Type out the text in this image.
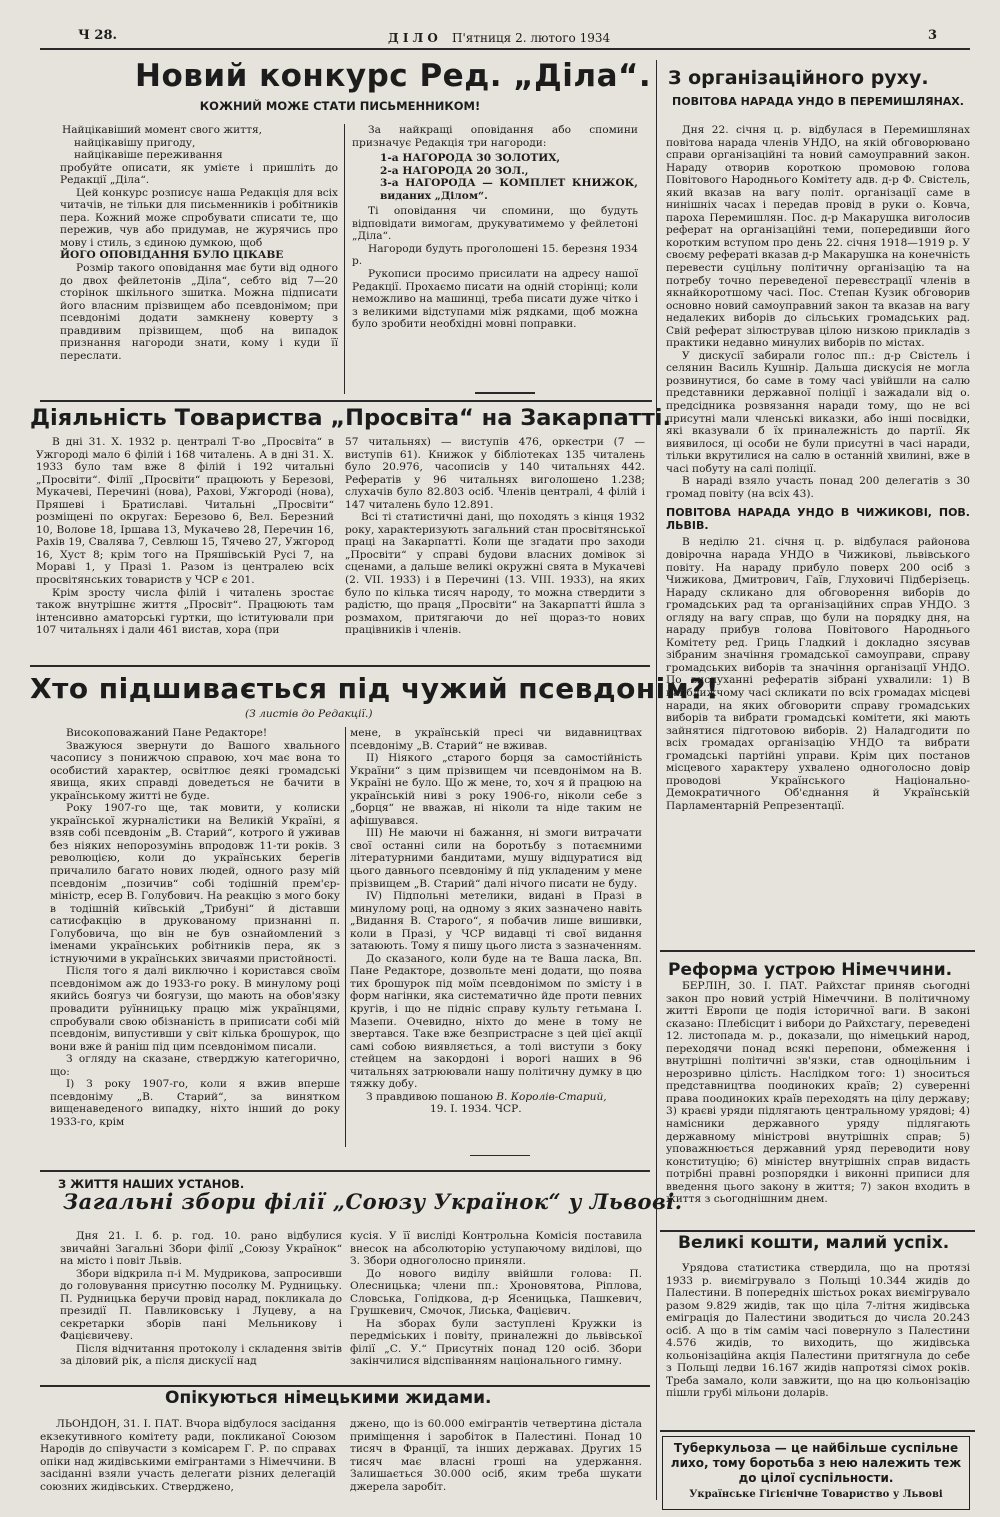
Ч 28.	Д І Л О П'ятниця 2. лютого 1934	3
Новий конкурс Ред. „Діла“.
КОЖНИЙ МОЖЕ СТАТИ ПИСЬМЕННИКОМ!

Найцікавіший момент свого життя,

найцікавішу пригоду,

найцікавіше переживання

пробуйте описати, як умієте і пришліть до Редакції „Діла“.

Цей конкурс розписує наша Редакція для всіх читачів, не тільки для письменників і робітників пера. Кожний може спробувати списати те, що пережив, чув або придумав, не журячись про мову і стиль, з єдиною думкою, щоб

ЙОГО ОПОВІДАННЯ БУЛО ЦІКАВЕ

Розмір такого оповідання має бути від одного до двох фейлетонів „Діла“, себто від 7—20 сторінок шкільного зшитка. Можна підписати його власним прізвищем або псевдонімом; при псевдонімі додати замкнену коверту з правдивим прізвищем, щоб на випадок признання нагороди знати, кому і куди її переслати.

За найкращі оповідання або спомини призначує Редакція три нагороди:

1-а НАГОРОДА 30 ЗОЛОТИХ,

2-а НАГОРОДА 20 ЗОЛ.,

3-а НАГОРОДА — КОМПЛЕТ КНИЖОК, виданих „Ділом“.

Ті оповідання чи спомини, що будуть відповідати вимогам, друкуватимемо у фейлетоні „Діла“.

Нагороди будуть проголошені 15. березня 1934 р.

Рукописи просимо присилати на адресу нашої Редакції. Прохаємо писати на одній сторінці; коли неможливо на машинці, треба писати дуже чітко і з великими відступами між рядками, щоб можна було зробити необхідні мовні поправки.

Діяльність Товариства „Просвіта“ на Закарпатті.

В дні 31. X. 1932 р. централі Т-во „Просвіта“ в Ужгороді мало 6 філій і 168 читалень. А в дні 31. X. 1933 було там вже 8 філій і 192 читальні „Просвіти“. Філії „Просвіти“ працюють у Березові, Мукачеві, Перечині (нова), Рахові, Ужгороді (нова), Пряшеві і Братиславі. Читальні „Просвіти“ розміщені по округах: Березово 6, Вел. Березний 10, Волове 18, Іршава 13, Мукачево 28, Перечин 16, Рахів 19, Свалява 7, Севлюш 15, Тячево 27, Ужгород 16, Хуст 8; крім того на Пряшівській Русі 7, на Мораві 1, у Празі 1. Разом із централею всіх просвітянських товариств у ЧСР є 201.

Крім зросту числа філій і читалень зростає також внутрішнє життя „Просвіт“. Працюють там інтенсивно аматорські гуртки, що іституювали при 107 читальнях і дали 461 вистав, хора (при

57 читальнях) — виступів 476, оркестри (7 — виступів 61). Книжок у бібліотеках 135 читалень було 20.976, часописів у 140 читальнях 442. Рефератів у 96 читальнях виголошено 1.238; слухачів було 82.803 осіб. Членів централі, 4 філій і 147 читалень було 12.891.

Всі ті статистичні дані, що походять з кінця 1932 року, характеризують загальний стан просвітянської праці на Закарпатті. Коли ще згадати про заходи „Просвіти“ у справі будови власних домівок зі сценами, а дальше великі окружні свята в Мукачеві (2. VII. 1933) і в Перечині (13. VIII. 1933), на яких було по кілька тисяч народу, то можна ствердити з радістю, що праця „Просвіти“ на Закарпатті йшла з розмахом, притягаючи до неї щораз-то нових працівників і членів.

Хто підшивається під чужий псевдонім?!
(З листів до Редакції.)

Високоповажаний Пане Редакторе!

Зважуюся звернути до Вашого хвального часопису з понижчою справою, хоч має вона то особистий характер, освітлює деякі громадські явища, яких справді доведеться не бачити в українському житті не буде.

Року 1907-го ще, так мовити, у колиски української журналістики на Великій Україні, я взяв собі псевдонім „В. Старий“, котрого й уживав без ніяких непорозумінь впродовж 11-ти років. З революцією, коли до українських берегів причалило багато нових людей, одного разу мій псевдонім „позичив“ собі тодішній прем'єр-міністр, есер В. Голубович. На реакцію з мого боку в тодішній київській „Трибуні“ й діставши сатисфакцію в друкованому признанні п. Голубовича, що він не був ознайомлений з іменами українських робітників пера, як з істнуючими в українських звичаями пристойності.

Після того я далі виключно і користався своїм псевдонімом аж до 1933-го року. В минулому році якийсь боягуз чи боягузи, що мають на обов'язку провадити руїнницьку працю між українцями, спробували свою обізнаність в приписати собі мій псевдонім, випустивши у світ кілька брошурок, що вони вже й раніш під цим псевдонімом писали.

З огляду на сказане, стверджую категорично, що:

I) З року 1907-го, коли я вжив вперше псевдоніму „В. Старий“, за винятком вищенаведеного випадку, ніхто інший до року 1933-го, крім

мене, в українській пресі чи видавництвах псевдоніму „В. Старий“ не вживав.

II) Ніякого „старого борця за самостійність України“ з цим прізвищем чи псевдонімом на В. Україні не було. Що ж мене, то, хоч я й працюю на українській ниві з року 1906-го, ніколи себе з „борця“ не вважав, ні ніколи та ніде таким не афішувався.

III) Не маючи ні бажання, ні змоги витрачати свої останні сили на боротьбу з потаємними літературними бандитами, мушу відцуратися від цього давнього псевдоніму й під укладеним у мене прізвищем „В. Старий“ далі нічого писати не буду.

IV) Підпольні метелики, видані в Празі в минулому році, на одному з яких зазначено навіть „Видання В. Старого“, я побачив лише вишивки, коли в Празі, у ЧСР видавці ті свої видання затаюють. Тому я пишу цього листа з зазначенням.

До сказаного, коли буде на те Ваша ласка, Вп. Пане Редакторе, дозвольте мені додати, що поява тих брошурок під моїм псевдонімом по змісту і в форм нагінки, яка систематично йде проти певних кругів, і що не підніс справу культу гетьмана І. Мазепи. Очевидно, ніхто до мене в тому не звертався. Таке вже безпристрасне з цей цієї акції самі собою виявляється, а толі виступи з боку стейцем на закордоні і ворогі наших в 96 читальнях затрюювали нашу політичну думку в цю тяжку добу.

З правдивою пошаною В. Королів-Старий,

19. І. 1934. ЧСР.

З ЖИТТЯ НАШИХ УСТАНОВ.
Загальні збори філії „Союзу Українок“ у Львові.

Дня 21. I. б. р. год. 10. рано відбулися звичайні Загальні Збори філії „Союзу Українок“ на місто і повіт Львів.

Збори відкрила п-і М. Мудрикова, запросивши до головування присутню посолку М. Рудницьку. П. Рудницька беручи провід нарад, покликала до президії П. Павликовську і Луцеву, а на секретарки зборів пані Мельникову і Фацієвичеву.

Після відчитання протоколу і складення звітів за діловий рік, а після дискусії над

кусія. У її висліді Контрольна Комісія поставила внесок на абсолюторію уступаючому виділові, що З. Збори одноголосно приняли.

До нового виділу ввійшли голова: П. Олесницька; члени пп.: Хроновятова, Ріплова, Словська, Голідкова, д-р Ясеницька, Пашкевич, Грушкевич, Смочок, Лиська, Фацієвич.

На зборах були заступлені Кружки із передміських і повіту, приналежні до львівської філії „С. У.“ Присутніх понад 120 осіб. Збори закінчилися відспіванням національного гимну.

Опікуються німецькими жидами.

ЛЬОНДОН, 31. I. ПАТ. Вчора відбулося засідання екзекутивного комітету ради, покликаної Союзом Народів до співучасти з комісарем Г. Р. по справах опіки над жидівськими емігрантами з Німеччини. В засіданні взяли участь делегати різних делегацій союзних жидівських. Стверджено,

джено, що із 60.000 емігрантів четвертина дістала приміщення і заробіток в Палестині. Понад 10 тисяч в Франції, та інших державах. Других 15 тисяч має власні гроші на удержання. Залишається 30.000 осіб, яким треба шукати джерела заробіт.

З організаційного руху.
ПОВІТОВА НАРАДА УНДО В ПЕРЕМИШЛЯНАХ.

Дня 22. січня ц. р. відбулася в Перемишлянах повітова нарада членів УНДО, на якій обговорювано справи організаційні та новий самоуправний закон. Нараду отворив короткою промовою голова Повітового Народнього Комітету адв. д-р Ф. Свістель, який вказав на вагу політ. організації саме в нинішніх часах і передав провід в руки о. Ковча, пароха Перемишлян. Пос. д-р Макарушка виголосив реферат на організаційні теми, попередивши його коротким вступом про день 22. січня 1918—1919 р. У своєму рефераті вказав д-р Макарушка на конечність перевести суцільну політичну організацію та на потребу точно переведеної перевєстрації членів в якнайкоротшому часі. Пос. Степан Кузик обговорив основно новий самоуправний закон та вказав на вагу недалеких виборів до сільських громадських рад. Свій реферат зілюстрував цілою низкою прикладів з практики недавно минулих виборів по містах.

У дискусії забирали голос пп.: д-р Свістель і селянин Василь Кушнір. Дальша дискусія не могла розвинутися, бо саме в тому часі увійшли на салю представники державної поліції і зажадали від о. предсідника розвязання наради тому, що не всі присутні мали членські виказки, або інші посвідки, які вказували б їх приналежність до партії. Як виявилося, ці особи не були присутні в часі наради, тільки вкрутилися на салю в останній хвилині, вже в часі побуту на салі поліції.

В нараді взяло участь понад 200 делегатів з 30 громад повіту (на всіх 43).

ПОВІТОВА НАРАДА УНДО В ЧИЖИКОВІ, ПОВ. ЛЬВІВ.

В неділю 21. січня ц. р. відбулася районова довірочна нарада УНДО в Чижикові, львівського повіту. На нараду прибуло поверх 200 осіб з Чижикова, Дмитрович, Гаїв, Глуховичі Підберізець. Нараду скликано для обговорення виборів до громадських рад та організаційних справ УНДО. З огляду на вагу справ, що були на порядку дня, на нараду прибув голова Повітового Народнього Комітету ред. Гриць Гладкий і докладно зясував зібраним значіння громадської самоуправи, справу громадських виборів та значіння організації УНДО. По вислуханні рефератів зібрані ухвалили: 1) В найближчому часі скликати по всіх громадах місцеві наради, на яких обговорити справу громадських виборів та вибрати громадські комітети, які мають зайнятися підготовою виборів. 2) Наладгодити по всіх громадах організацію УНДО та вибрати громадські партійні управи. Крім цих постанов місцевого характеру ухвалено одноголосно довір проводові Українського Національно-Демократичного Об'єднання й Українській Парламентарній Репрезентації.

Реформа устрою Німеччини.

БЕРЛІН, 30. I. ПАТ. Райхстаг приняв сьогодні закон про новий устрій Німеччини. В політичному житті Европи це подія історичної ваги. В законі сказано: Плебісцит і вибори до Райхстагу, переведені 12. листопада м. р., доказали, що німецький народ, переходячи понад всякі перепони, обмеження і внутрішні політичні зв'язки, став одноцільним і нерозривно цілість. Наслідком того: 1) зноситься представництва поодиноких країв; 2) суверенні права поодиноких країв переходять на цілу державу; 3) краєві уряди підлягають центральному урядові; 4) намісники державного уряду підлягають державному міністрові внутрішніх справ; 5) уповажнюється державний уряд переводити нову конституцію; 6) міністер внутрішніх справ видасть потрібні правні розпорядки і виконні приписи для введення цього закону в життя; 7) закон входить в життя з сьогоднішним днем.

Великі кошти, малий успіх.

Урядова статистика ствердила, що на протязі 1933 р. виємігрувало з Польщі 10.344 жидів до Палестини. В попередніх шістьох роках виємігрувало разом 9.829 жидів, так що ціла 7-літня жидівська еміграція до Палестини зводиться до числа 20.243 осіб. А що в тім самім часі повернуло з Палестини 4.576 жидів, то виходить, що жидівська кольонізаційна акція Палестини притягнула до себе з Польщі ледви 16.167 жидів напротязі сімох років. Треба замало, коли завжити, що на цю кольонізацію пішли грубі мільони доларів.

Туберкульоза — це найбільше суспільне лихо, тому боротьба з нею належить теж до цілої суспільности.
Українське Гігієнічне Товариство у Львові
